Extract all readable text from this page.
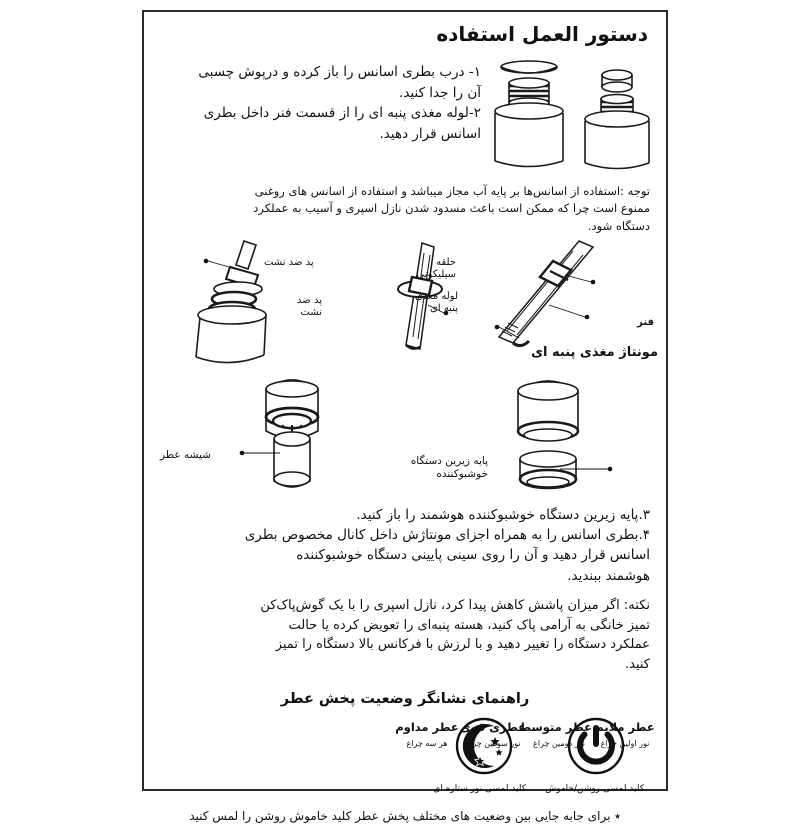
دستور العمل استفاده

۱- درب بطری اسانس را باز کرده و درپوش چسبی

آن را جدا کنید.

۲-لوله مغذی پنبه ای را از قسمت فنر داخل بطری

اسانس قرار دهید.

توجه :استفاده از اسانس‌ها بر پایه آب مجاز میباشد و استفاده از اسانس های روغنی

ممنوع است چرا که ممکن است باعث مسدود شدن نازل اسپری و آسیب به عملکرد

دستگاه شود.

حلقه
سیلیکونی
لوله مغذی
پنبه ای
فنر
پد ضد نشت
پد ضد
نشت
مونتاژ مغذی پنبه ای
پایه زیرین دستگاه
خوشبوکننده
شیشه عطر

۳.پایه زیرین دستگاه خوشبوکننده هوشمند را باز کنید.

۴.بطری اسانس را به همراه اجزای مونتاژش داخل کانال مخصوص بطری

اسانس قرار دهید و آن را روی سینی پایینی دستگاه خوشبوکننده

هوشمند ببندید.

نکته: اگر میزان پاشش کاهش پیدا کرد، نازل اسپری را با یک گوش‌پاک‌کن

تمیز خانگی به آرامی پاک کنید، هسته پنبه‌ای را تعویض کرده یا حالت

عملکرد دستگاه را تغییر دهید و با لرزش با فرکانس بالا دستگاه را تمیز

کنید.

راهنمای نشانگر وضعیت پخش عطر
عطر ملایم
نور اولین چراغ
عطر متوسط
نور دومین چراغ
عطری قوی
نور سومین چراغ
عطر مداوم
هر سه چراغ
کلید لمسی روشن/خاموش
کلید لمسی نور ستاره ای
٭ برای جابه جایی بین وضعیت های مختلف پخش عطر کلید خاموش روشن را لمس کنید
